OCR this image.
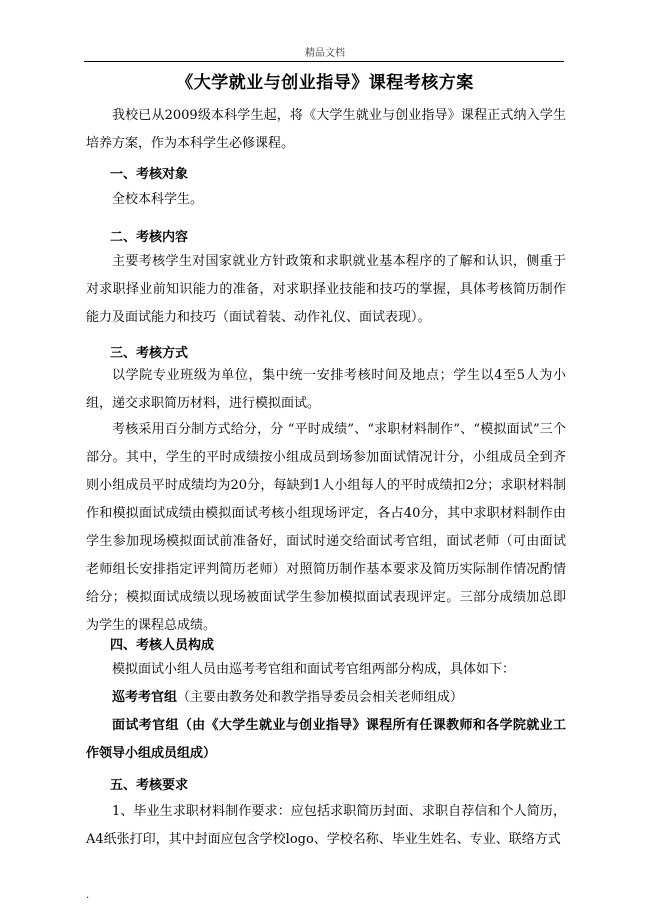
精品文档
《大学就业与创业指导》课程考核方案
我校已从2009级本科学生起，将《大学生就业与创业指导》课程正式纳入学生培养方案，作为本科学生必修课程。
一、考核对象
全校本科学生。
二、考核内容
主要考核学生对国家就业方针政策和求职就业基本程序的了解和认识，侧重于对求职择业前知识能力的准备，对求职择业技能和技巧的掌握，具体考核简历制作能力及面试能力和技巧（面试着装、动作礼仪、面试表现）。
三、考核方式
以学院专业班级为单位，集中统一安排考核时间及地点；学生以4至5人为小组，递交求职简历材料，进行模拟面试。
考核采用百分制方式给分，分 “平时成绩”、“求职材料制作”、“模拟面试”三个部分。其中，学生的平时成绩按小组成员到场参加面试情况计分，小组成员全到齐则小组成员平时成绩均为20分，每缺到1人小组每人的平时成绩扣2分；求职材料制作和模拟面试成绩由模拟面试考核小组现场评定，各占40分，其中求职材料制作由学生参加现场模拟面试前准备好，面试时递交给面试考官组，面试老师（可由面试老师组长安排指定评判简历老师）对照简历制作基本要求及简历实际制作情况酌情给分；模拟面试成绩以现场被面试学生参加模拟面试表现评定。三部分成绩加总即为学生的课程总成绩。
四、考核人员构成
模拟面试小组人员由巡考考官组和面试考官组两部分构成，具体如下：
巡考考官组（主要由教务处和教学指导委员会相关老师组成）
面试考官组（由《大学生就业与创业指导》课程所有任课教师和各学院就业工作领导小组成员组成）
五、考核要求
1、毕业生求职材料制作要求：应包括求职简历封面、求职自荐信和个人简历，A4纸张打印，其中封面应包含学校logo、学校名称、毕业生姓名、专业、联络方式
.
